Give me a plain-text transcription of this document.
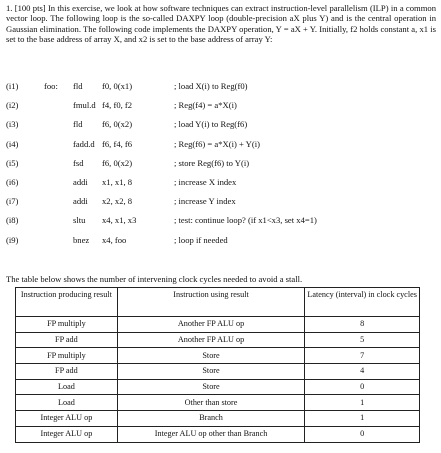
1. [100 pts] In this exercise, we look at how software techniques can extract instruction-level parallelism (ILP) in a common vector loop. The following loop is the so-called DAXPY loop (double-precision aX plus Y) and is the central operation in Gaussian elimination. The following code implements the DAXPY operation, Y = aX + Y. Initially, f2 holds constant a, x1 is set to the base address of array X, and x2 is set to the base address of array Y:

(i1)	foo: fld f0, 0(x1)	; load X(i) to Reg(f0)
(i2)	fmul.d f4, f0, f2	; Reg(f4) = a*X(i)
(i3)	fld f6, 0(x2)	; load Y(i) to Reg(f6)
(i4)	fadd.d f6, f4, f6	; Reg(f6) = a*X(i) + Y(i)
(i5)	fsd f6, 0(x2)	; store Reg(f6) to Y(i)
(i6)	addi x1, x1, 8	; increase X index
(i7)	addi x2, x2, 8	; increase Y index
(i8)	sltu x4, x1, x3	; test: continue loop? (if x1<x3, set x4=1)
(i9)	bnez x4, foo	; loop if needed
The table below shows the number of intervening clock cycles needed to avoid a stall.
Instruction producing result	Instruction using result	Latency (interval) in clock cycles
FP multiply	Another FP ALU op	8
FP add	Another FP ALU op	5
FP multiply	Store	7
FP add	Store	4
Load	Store	0
Load	Other than store	1
Integer ALU op	Branch	1
Integer ALU op	Integer ALU op other than Branch	0
